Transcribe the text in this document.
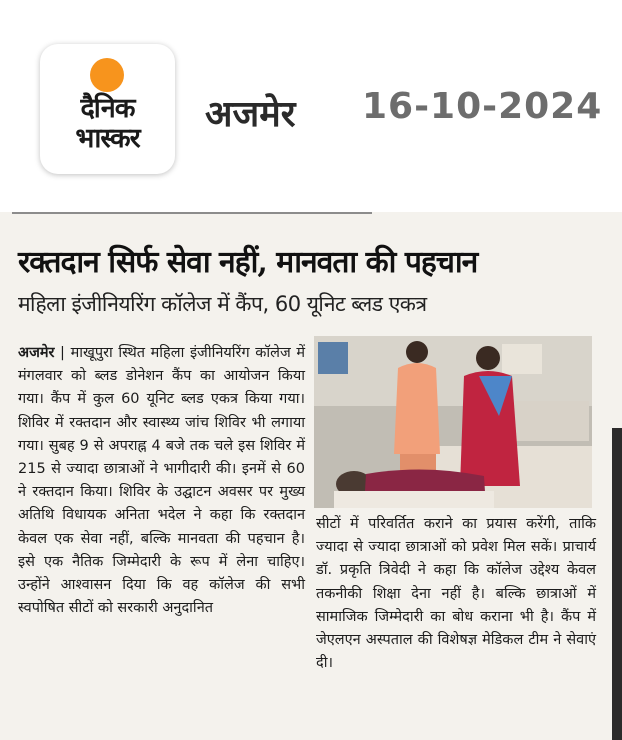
दैनिक
भास्कर
अजमेर 16-10-2024
रक्तदान सिर्फ सेवा नहीं, मानवता की पहचान
महिला इंजीनियरिंग कॉलेज में कैंप, 60 यूनिट ब्लड एकत्र

अजमेर | माखूपुरा स्थित महिला इंजीनियरिंग कॉलेज में मंगलवार को ब्लड डोनेशन कैंप का आयोजन किया गया। कैंप में कुल 60 यूनिट ब्लड एकत्र किया गया। शिविर में रक्तदान और स्वास्थ्य जांच शिविर भी लगाया गया। सुबह 9 से अपराह्न 4 बजे तक चले इस शिविर में 215 से ज्यादा छात्राओं ने भागीदारी की। इनमें से 60 ने रक्तदान किया। शिविर के उद्घाटन अवसर पर मुख्य अतिथि विधायक अनिता भदेल ने कहा कि रक्तदान केवल एक सेवा नहीं, बल्कि मानवता की पहचान है। इसे एक नैतिक जिम्मेदारी के रूप में लेना चाहिए। उन्होंने आश्वासन दिया कि वह कॉलेज की सभी स्वपोषित सीटों को सरकारी अनुदानित

सीटों में परिवर्तित कराने का प्रयास करेंगी, ताकि ज्यादा से ज्यादा छात्राओं को प्रवेश मिल सकें। प्राचार्य डॉ. प्रकृति त्रिवेदी ने कहा कि कॉलेज उद्देश्य केवल तकनीकी शिक्षा देना नहीं है। बल्कि छात्राओं में सामाजिक जिम्मेदारी का बोध कराना भी है। कैंप में जेएलएन अस्पताल की विशेषज्ञ मेडिकल टीम ने सेवाएं दी।
